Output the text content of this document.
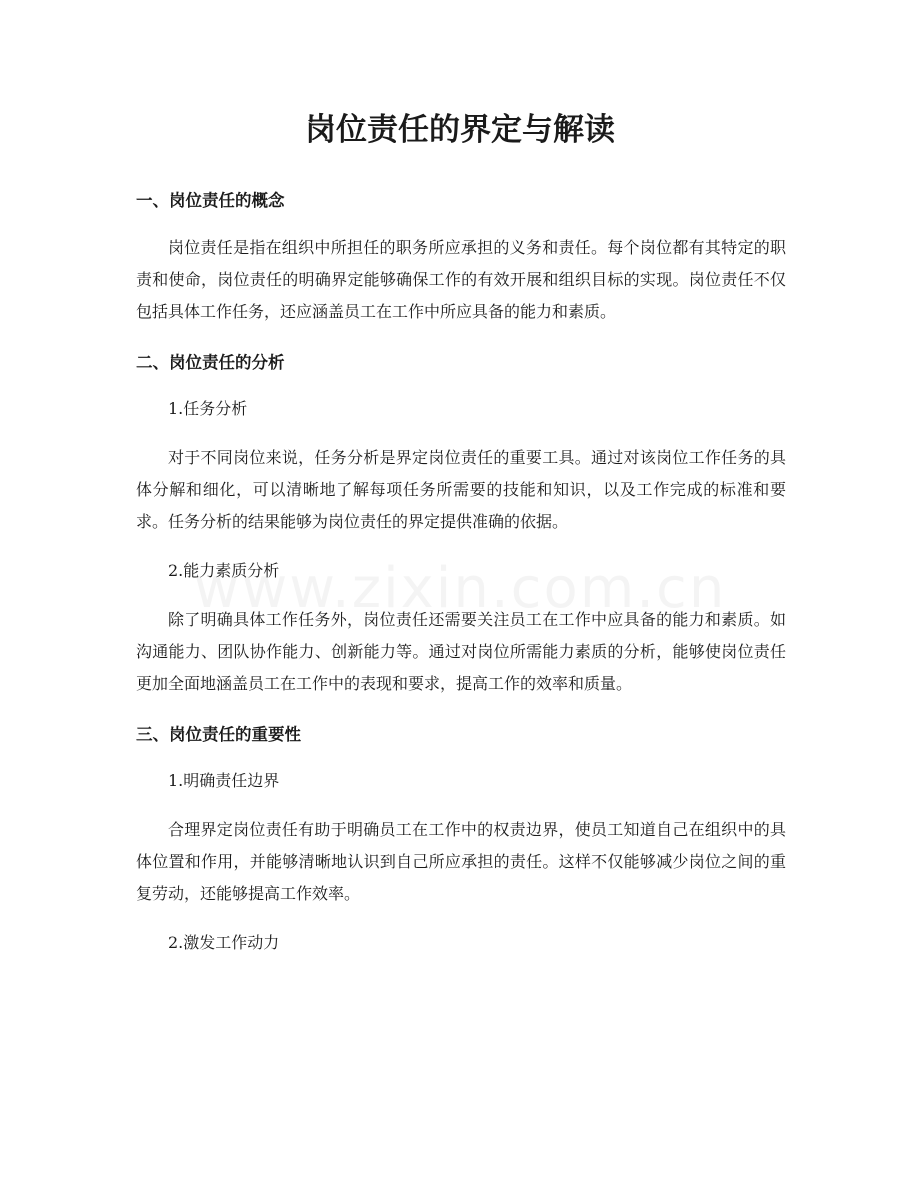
岗位责任的界定与解读
一、岗位责任的概念

岗位责任是指在组织中所担任的职务所应承担的义务和责任。每个岗位都有其特定的职责和使命，岗位责任的明确界定能够确保工作的有效开展和组织目标的实现。岗位责任不仅包括具体工作任务，还应涵盖员工在工作中所应具备的能力和素质。

二、岗位责任的分析
1.任务分析

对于不同岗位来说，任务分析是界定岗位责任的重要工具。通过对该岗位工作任务的具体分解和细化，可以清晰地了解每项任务所需要的技能和知识，以及工作完成的标准和要求。任务分析的结果能够为岗位责任的界定提供准确的依据。

2.能力素质分析

除了明确具体工作任务外，岗位责任还需要关注员工在工作中应具备的能力和素质。如沟通能力、团队协作能力、创新能力等。通过对岗位所需能力素质的分析，能够使岗位责任更加全面地涵盖员工在工作中的表现和要求，提高工作的效率和质量。

三、岗位责任的重要性
1.明确责任边界

合理界定岗位责任有助于明确员工在工作中的权责边界，使员工知道自己在组织中的具体位置和作用，并能够清晰地认识到自己所应承担的责任。这样不仅能够减少岗位之间的重复劳动，还能够提高工作效率。

2.激发工作动力
